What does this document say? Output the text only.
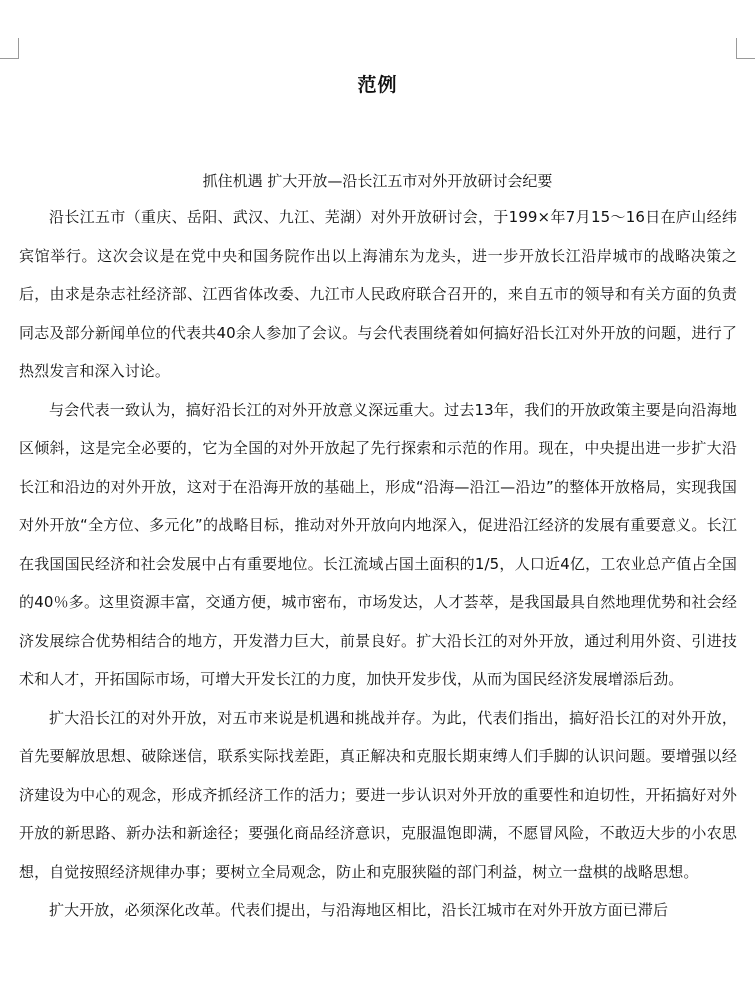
范例
抓住机遇 扩大开放—沿长江五市对外开放研讨会纪要

沿长江五市（重庆、岳阳、武汉、九江、芜湖）对外开放研讨会，于199×年7月15～16日在庐山经纬宾馆举行。这次会议是在党中央和国务院作出以上海浦东为龙头，进一步开放长江沿岸城市的战略决策之后，由求是杂志社经济部、江西省体改委、九江市人民政府联合召开的，来自五市的领导和有关方面的负责同志及部分新闻单位的代表共40余人参加了会议。与会代表围绕着如何搞好沿长江对外开放的问题，进行了热烈发言和深入讨论。

与会代表一致认为，搞好沿长江的对外开放意义深远重大。过去13年，我们的开放政策主要是向沿海地区倾斜，这是完全必要的，它为全国的对外开放起了先行探索和示范的作用。现在，中央提出进一步扩大沿长江和沿边的对外开放，这对于在沿海开放的基础上，形成“沿海—沿江—沿边”的整体开放格局，实现我国对外开放“全方位、多元化”的战略目标，推动对外开放向内地深入，促进沿江经济的发展有重要意义。长江在我国国民经济和社会发展中占有重要地位。长江流域占国土面积的1/5，人口近4亿，工农业总产值占全国的40％多。这里资源丰富，交通方便，城市密布，市场发达，人才荟萃，是我国最具自然地理优势和社会经济发展综合优势相结合的地方，开发潜力巨大，前景良好。扩大沿长江的对外开放，通过利用外资、引进技术和人才，开拓国际市场，可增大开发长江的力度，加快开发步伐，从而为国民经济发展增添后劲。

扩大沿长江的对外开放，对五市来说是机遇和挑战并存。为此，代表们指出，搞好沿长江的对外开放，首先要解放思想、破除迷信，联系实际找差距，真正解决和克服长期束缚人们手脚的认识问题。要增强以经济建设为中心的观念，形成齐抓经济工作的活力；要进一步认识对外开放的重要性和迫切性，开拓搞好对外开放的新思路、新办法和新途径；要强化商品经济意识，克服温饱即满，不愿冒风险，不敢迈大步的小农思想，自觉按照经济规律办事；要树立全局观念，防止和克服狭隘的部门利益，树立一盘棋的战略思想。

扩大开放，必须深化改革。代表们提出，与沿海地区相比，沿长江城市在对外开放方面已滞后
